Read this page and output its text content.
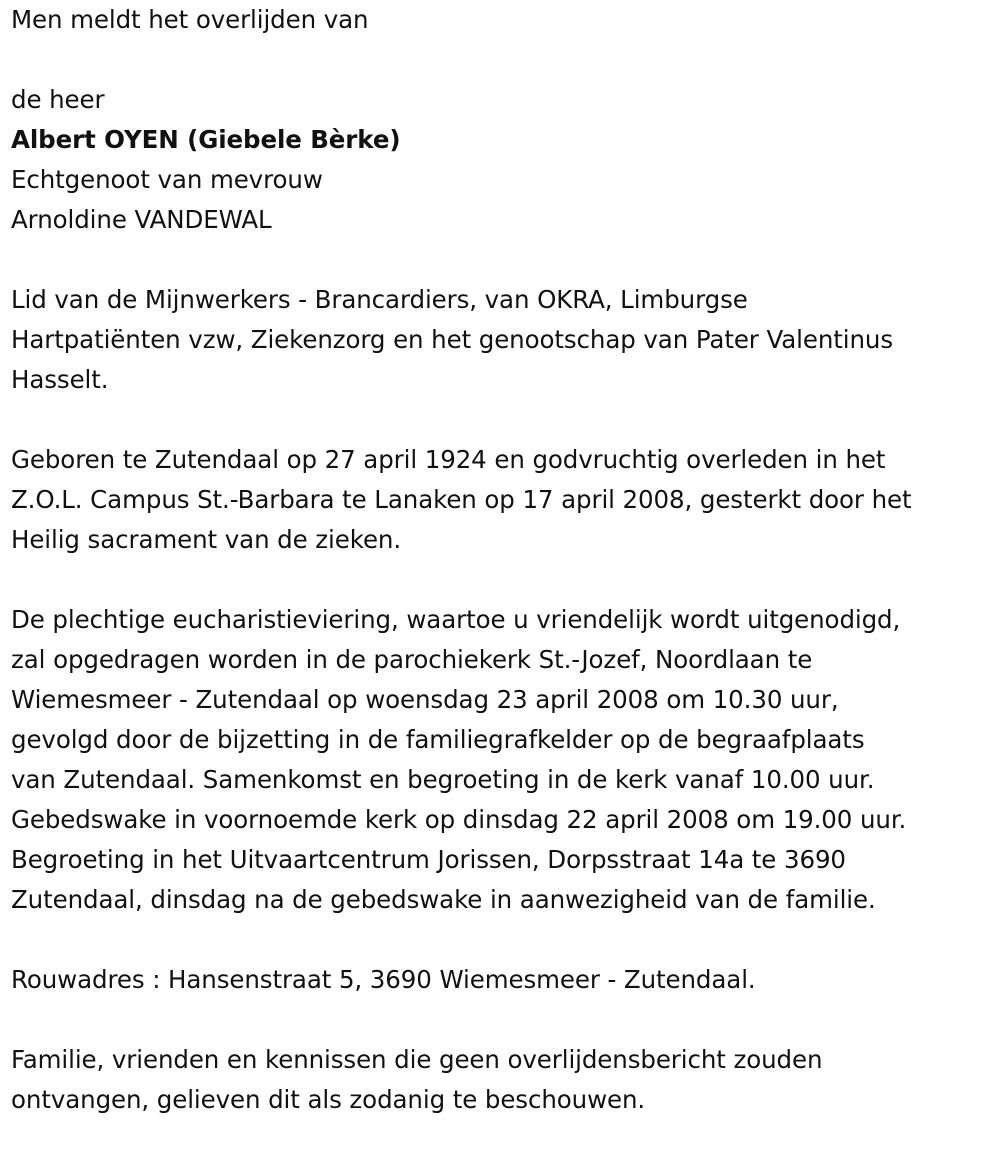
Men meldt het overlijden van
de heer
Albert OYEN (Giebele Bèrke)
Echtgenoot van mevrouw
Arnoldine VANDEWAL
Lid van de Mijnwerkers - Brancardiers, van OKRA, Limburgse
Hartpatiënten vzw, Ziekenzorg en het genootschap van Pater Valentinus
Hasselt.
Geboren te Zutendaal op 27 april 1924 en godvruchtig overleden in het
Z.O.L. Campus St.-Barbara te Lanaken op 17 april 2008, gesterkt door het
Heilig sacrament van de zieken.
De plechtige eucharistieviering, waartoe u vriendelijk wordt uitgenodigd,
zal opgedragen worden in de parochiekerk St.-Jozef, Noordlaan te
Wiemesmeer - Zutendaal op woensdag 23 april 2008 om 10.30 uur,
gevolgd door de bijzetting in de familiegrafkelder op de begraafplaats
van Zutendaal. Samenkomst en begroeting in de kerk vanaf 10.00 uur.
Gebedswake in voornoemde kerk op dinsdag 22 april 2008 om 19.00 uur.
Begroeting in het Uitvaartcentrum Jorissen, Dorpsstraat 14a te 3690
Zutendaal, dinsdag na de gebedswake in aanwezigheid van de familie.
Rouwadres : Hansenstraat 5, 3690 Wiemesmeer - Zutendaal.
Familie, vrienden en kennissen die geen overlijdensbericht zouden
ontvangen, gelieven dit als zodanig te beschouwen.
